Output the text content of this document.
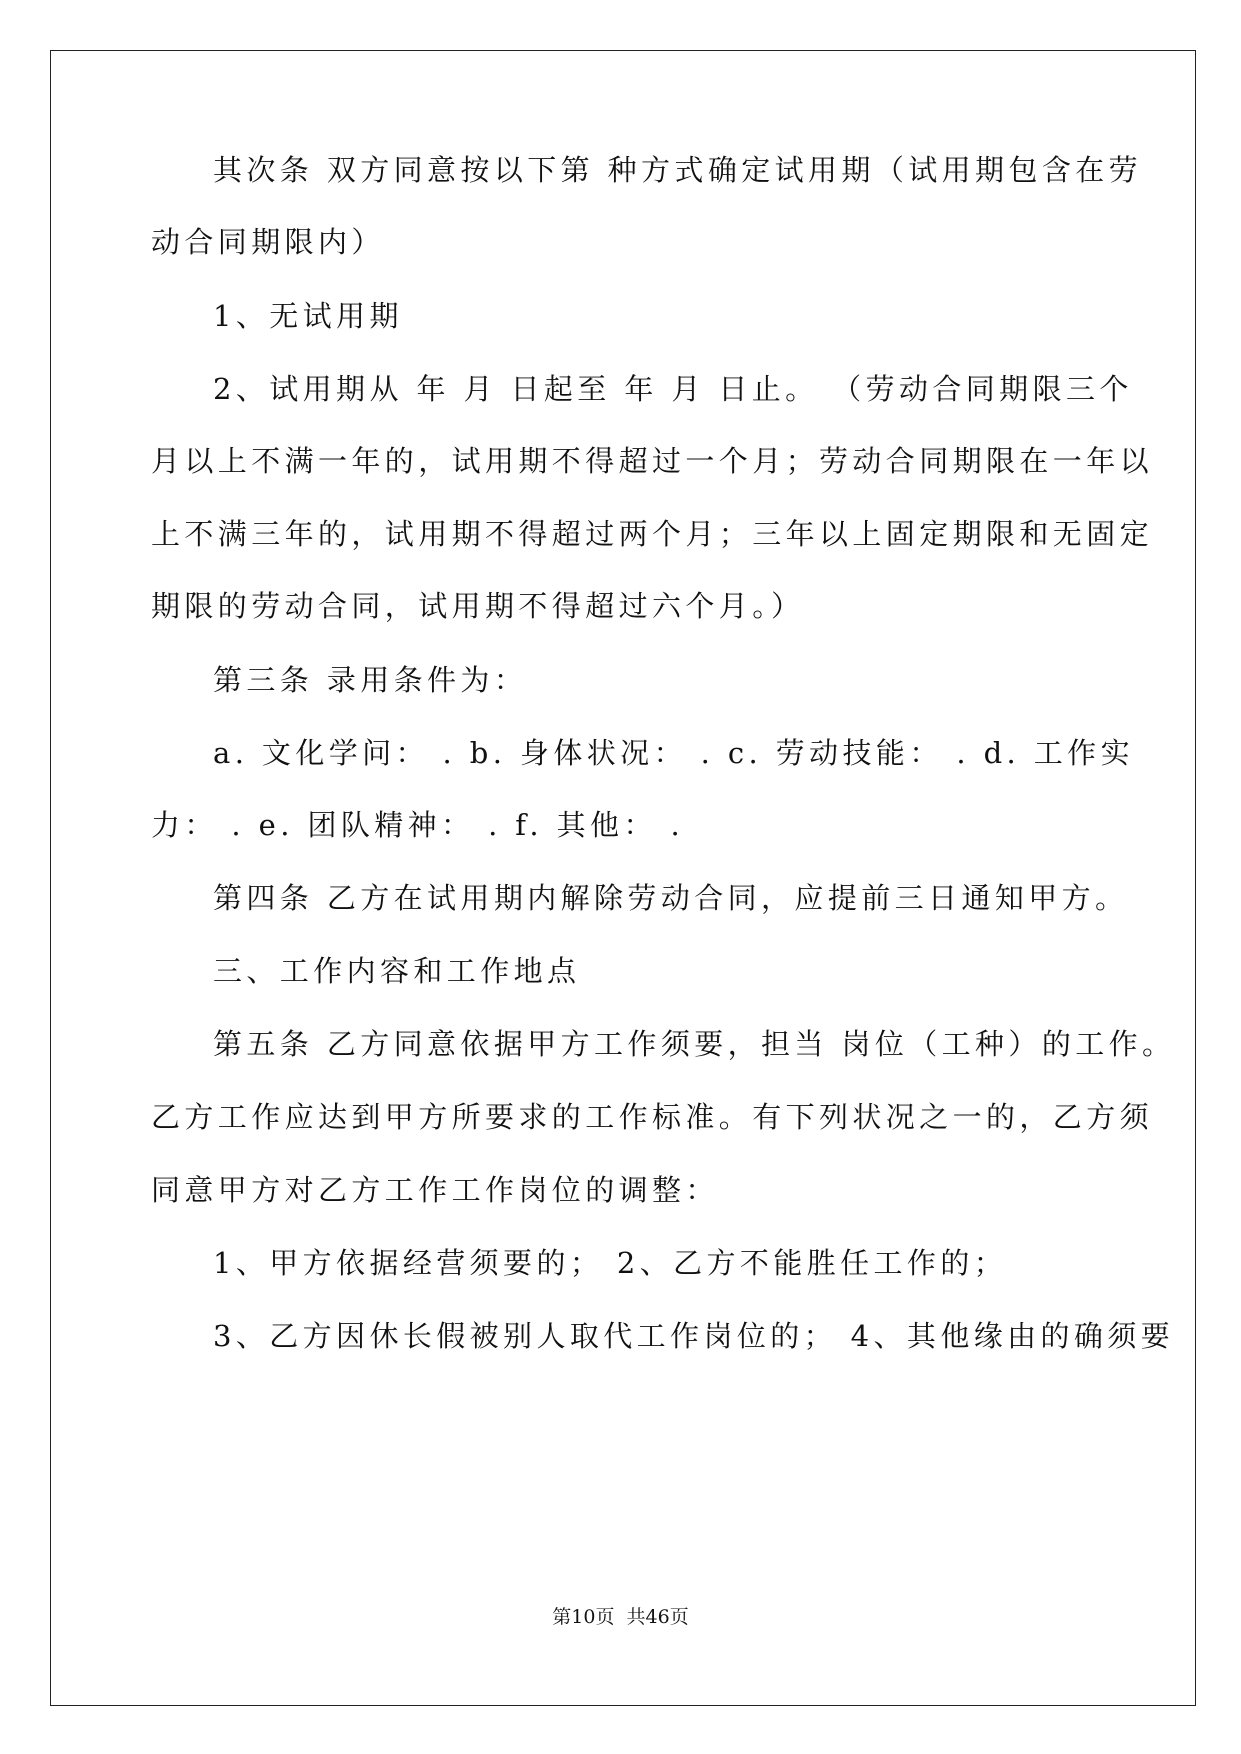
其次条 双方同意按以下第 种方式确定试用期（试用期包含在劳
动合同期限内）
1、无试用期
2、试用期从 年 月 日起至 年 月 日止。 （劳动合同期限三个
月以上不满一年的，试用期不得超过一个月；劳动合同期限在一年以
上不满三年的，试用期不得超过两个月；三年以上固定期限和无固定
期限的劳动合同，试用期不得超过六个月。）
第三条 录用条件为：
a. 文化学问： . b. 身体状况： . c. 劳动技能： . d. 工作实
力： . e. 团队精神： . f. 其他： .
第四条 乙方在试用期内解除劳动合同，应提前三日通知甲方。
三、工作内容和工作地点
第五条 乙方同意依据甲方工作须要，担当 岗位（工种）的工作。
乙方工作应达到甲方所要求的工作标准。有下列状况之一的，乙方须
同意甲方对乙方工作工作岗位的调整：
1、甲方依据经营须要的； 2、乙方不能胜任工作的；
3、乙方因休长假被别人取代工作岗位的； 4、其他缘由的确须要
第10页  共46页
